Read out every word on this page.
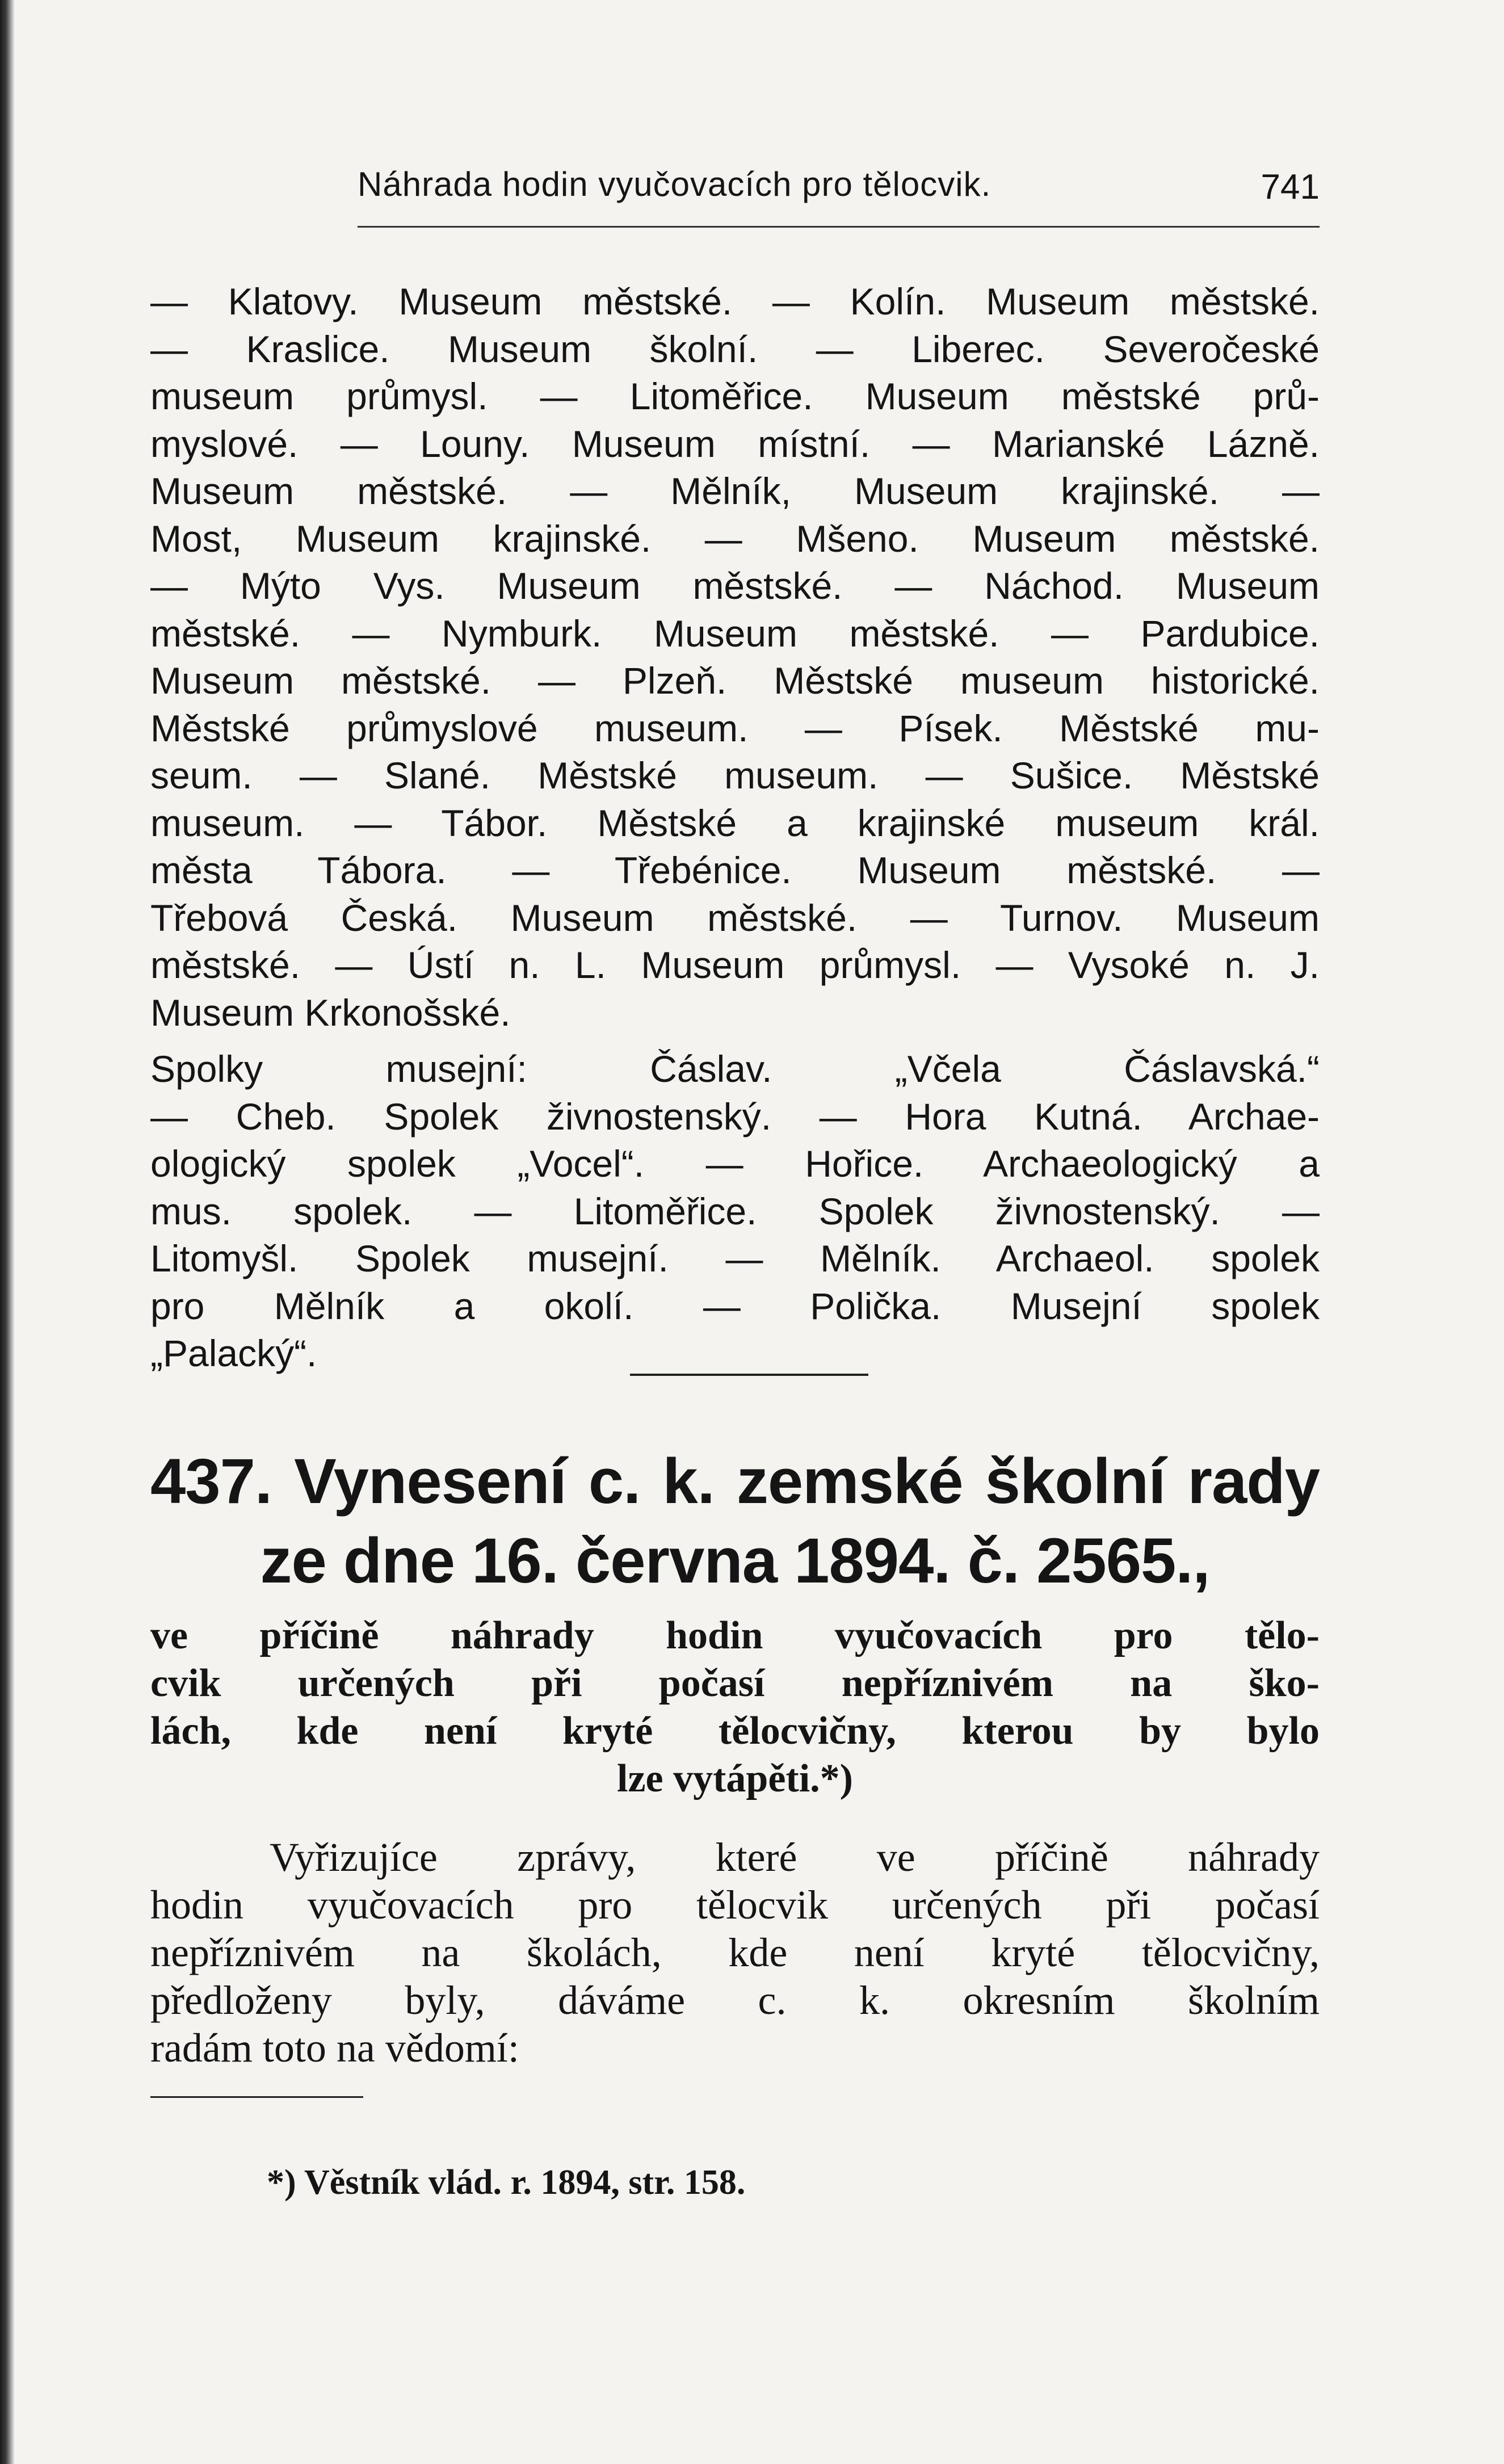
Náhrada hodin vyučovacích pro tělocvik.	741
— Klatovy. Museum městské. — Kolín. Museum městské.
— Kraslice. Museum školní. — Liberec. Severočeské
museum průmysl. — Litoměřice. Museum městské prů-
myslové. — Louny. Museum místní. — Marianské Lázně.
Museum městské. — Mělník, Museum krajinské. —
Most, Museum krajinské. — Mšeno. Museum městské.
— Mýto Vys. Museum městské. — Náchod. Museum
městské. — Nymburk. Museum městské. — Pardubice.
Museum městské. — Plzeň. Městské museum historické.
Městské průmyslové museum. — Písek. Městské mu-
seum. — Slané. Městské museum. — Sušice. Městské
museum. — Tábor. Městské a krajinské museum král.
města Tábora. — Třebénice. Museum městské. —
Třebová Česká. Museum městské. — Turnov. Museum
městské. — Ústí n. L. Museum průmysl. — Vysoké n. J.
Museum Krkonošské.
Spolky musejní: Čáslav. „Včela Čáslavská.“
— Cheb. Spolek živnostenský. — Hora Kutná. Archae-
ologický spolek „Vocel“. — Hořice. Archaeologický a
mus. spolek. — Litoměřice. Spolek živnostenský. —
Litomyšl. Spolek musejní. — Mělník. Archaeol. spolek
pro Mělník a okolí. — Polička. Musejní spolek
„Palacký“.
437. Vynesení c. k. zemské školní rady
ze dne 16. června 1894. č. 2565.,
ve příčině náhrady hodin vyučovacích pro tělo-
cvik určených při počasí nepříznivém na ško-
lách, kde není kryté tělocvičny, kterou by bylo
lze vytápěti.*)
Vyřizujíce zprávy, které ve příčině náhrady
hodin vyučovacích pro tělocvik určených při počasí
nepříznivém na školách, kde není kryté tělocvičny,
předloženy byly, dáváme c. k. okresním školním
radám toto na vědomí:
*) Věstník vlád. r. 1894, str. 158.
